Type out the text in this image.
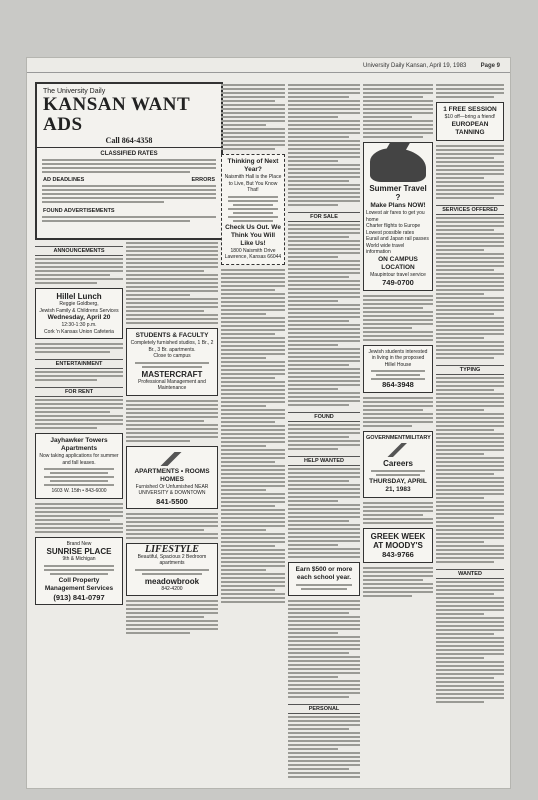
University Daily Kansan, April 19, 1983 Page 9
The University Daily
KANSAN WANT ADS
Call 864-4358
CLASSIFIED RATES
AD DEADLINES	ERRORS
FOUND ADVERTISEMENTS
ANNOUNCEMENTS
Hillel Lunch
Reggie Goldberg,
Jewish Family & Childrens Services
Wednesday, April 20
12:30-1:30 p.m.
Cork 'n Kansas Union Cafeteria
ENTERTAINMENT
FOR RENT
Jayhawker Towers Apartments
Now taking applications for summer and fall leases.
1603 W. 15th • 843-6000
Brand New
SUNRISE PLACE
9th & Michigan
Coll Property Management Services
(913) 841-0797
STUDENTS & FACULTY
Completely furnished studios, 1 Br., 2 Br., 3 Br. apartments.
Close to campus
MASTERCRAFT
Professional Management and Maintenance
APARTMENTS • ROOMS
HOMES
Furnished Or Unfurnished NEAR UNIVERSITY & DOWNTOWN
841-5500
LIFESTYLE
Beautiful, Spacious 2 Bedroom apartments
meadowbrook
842-4200
Thinking of Next Year?
Naismith Hall is the Place to Live, But You Know That!
Check Us Out. We Think You Will Like Us!
1800 Naismith Drive Lawrence, Kansas 66044
FOR SALE
FOUND
HELP WANTED
Earn $500 or more each school year.
PERSONAL
Summer Travel ?
Make Plans NOW!
Lowest air fares to get you home
Charter flights to Europe Lowest possible rates
Eurail and Japan rail passes
World wide travel information
ON CAMPUS LOCATION
Maupintour travel service
749-0700
Jewish students interested in living in the proposed Hillel House
864-3948
GOVERNMENT MILITARY
Careers
THURSDAY, APRIL 21, 1983
GREEK WEEK AT MOODY'S
843-9766
1 FREE SESSION
$10 off—bring a friend!
EUROPEAN TANNING
SERVICES OFFERED
TYPING
WANTED
